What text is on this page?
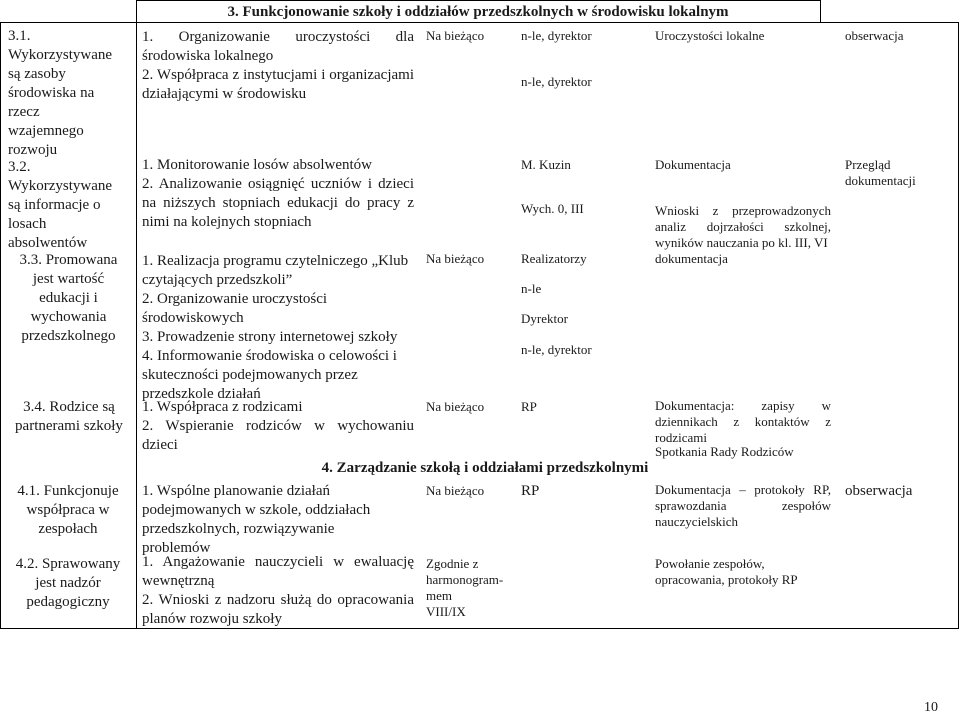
3. Funkcjonowanie szkoły i oddziałów przedszkolnych w środowisku lokalnym
3.1.
Wykorzystywane
są zasoby
środowiska na
rzecz
wzajemnego
rozwoju
3.2.
Wykorzystywane
są informacje o
losach
absolwentów
3.3. Promowana
jest wartość
edukacji i
wychowania
przedszkolnego
3.4. Rodzice są partnerami szkoły
4.1. Funkcjonuje
współpraca w
zespołach
4.2. Sprawowany
jest nadzór
pedagogiczny
1. Organizowanie uroczystości dla środowiska lokalnego
2. Współpraca z instytucjami i organizacjami działającymi w środowisku
1. Monitorowanie losów absolwentów
2. Analizowanie osiągnięć uczniów i dzieci na niższych stopniach edukacji do pracy z nimi na kolejnych stopniach
1. Realizacja programu czytelniczego „Klub czytających przedszkoli”
2. Organizowanie uroczystości środowiskowych
3. Prowadzenie strony internetowej szkoły
4. Informowanie środowiska o celowości i skuteczności podejmowanych przez przedszkole działań
1. Współpraca z rodzicami
2. Wspieranie rodziców w wychowaniu dzieci
1. Wspólne planowanie działań podejmowanych w szkole, oddziałach przedszkolnych, rozwiązywanie problemów
1. Angażowanie nauczycieli w ewaluację wewnętrzną
2. Wnioski z nadzoru służą do opracowania planów rozwoju szkoły
Na bieżąco
Na bieżąco
Na bieżąco
Na bieżąco
Zgodnie z
harmonogram-
mem
VIII/IX
n-le, dyrektor
n-le, dyrektor
M. Kuzin
Wych. 0, III
Realizatorzy
n-le
Dyrektor
n-le, dyrektor
RP
RP
Uroczystości lokalne
Dokumentacja
Wnioski z przeprowadzonych analiz dojrzałości szkolnej, wyników nauczania po kl. III, VI
dokumentacja
Dokumentacja: zapisy w dziennikach z kontaktów z rodzicami
Spotkania Rady Rodziców
Dokumentacja – protokoły RP, sprawozdania zespołów nauczycielskich
Powołanie zespołów,
opracowania, protokoły RP
obserwacja
Przegląd
dokumentacji
obserwacja
4. Zarządzanie szkołą i oddziałami przedszkolnymi
10
